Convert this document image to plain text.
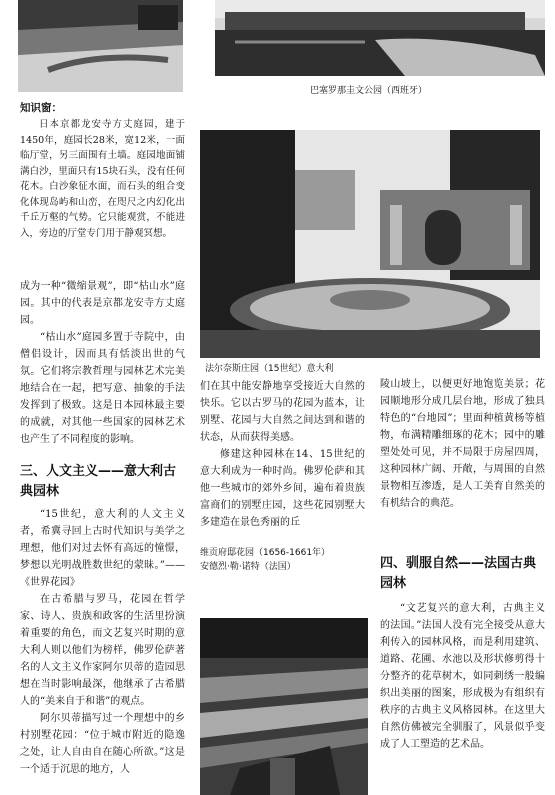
巴塞罗那圭文公园（西班牙）
知识窗：

日本京都龙安寺方丈庭园，建于1450年，庭园长28米，宽12米，一面临厅堂，另三面围有土墙。庭园地面铺满白沙，里面只有15块石头，没有任何花木。白沙象征水面，而石头的组合变化体现岛屿和山峦，在咫尺之内幻化出千丘万壑的气势。它只能观赏，不能进入，旁边的厅堂专门用于静观冥想。

成为一种“微缩景观”，即“枯山水”庭园。其中的代表是京都龙安寺方丈庭园。

“枯山水”庭园多置于寺院中，由僧侣设计，因而具有恬淡出世的气氛。它们将宗教哲理与园林艺术完美地结合在一起，把写意、抽象的手法发挥到了极致。这是日本园林最主要的成就，对其他一些国家的园林艺术也产生了不同程度的影响。

三、人文主义——意大利古典园林

“15世纪，意大利的人文主义者，希冀寻回上古时代知识与美学之理想，他们对过去怀有高远的憧憬，梦想以光明战胜数世纪的蒙昧。”——《世界花园》

在古希腊与罗马，花园在哲学家、诗人、贵族和政客的生活里扮演着重要的角色，而文艺复兴时期的意大利人则以他们为榜样，佛罗伦萨著名的人文主义作家阿尔贝蒂的造园思想在当时影响最深，他继承了古希腊人的“美来自于和谐”的观点。

阿尔贝蒂描写过一个理想中的乡村别墅花园：“位于城市附近的隐逸之处，让人自由自在随心所欲。”这是一个适于沉思的地方，人

法尔奈斯庄园（15世纪）意大利

们在其中能安静地享受接近大自然的快乐。它以古罗马的花园为蓝本，让别墅、花园与大自然之间达到和谐的状态，从而获得美感。

修建这种园林在14、15世纪的意大利成为一种时尚。佛罗伦萨和其他一些城市的郊外乡间，遍布着贵族富商们的别墅庄园，这些花园别墅大多建造在景色秀丽的丘

维贡府邸花园（1656-1661年）
安德烈·勒·诺特（法国）

陵山坡上，以便更好地饱览美景；花园顺地形分成几层台地，形成了独具特色的“台地园”；里面种植黄杨等植物，布满精雕细琢的花木；园中的雕塑处处可见，并不局限于房屋四周，这种园林广阔、开敞，与周围的自然景物相互渗透，是人工美育自然美的有机结合的典范。

四、驯服自然——法国古典园林

“文艺复兴的意大利，古典主义的法国。”法国人没有完全接受从意大利传入的园林风格，而是利用建筑、道路、花圃、水池以及形状修剪得十分整齐的花草树木，如同刺绣一般编织出美丽的图案，形成极为有组织有秩序的古典主义风格园林。在这里大自然仿佛被完全驯服了，风景似乎变成了人工塑造的艺术品。
